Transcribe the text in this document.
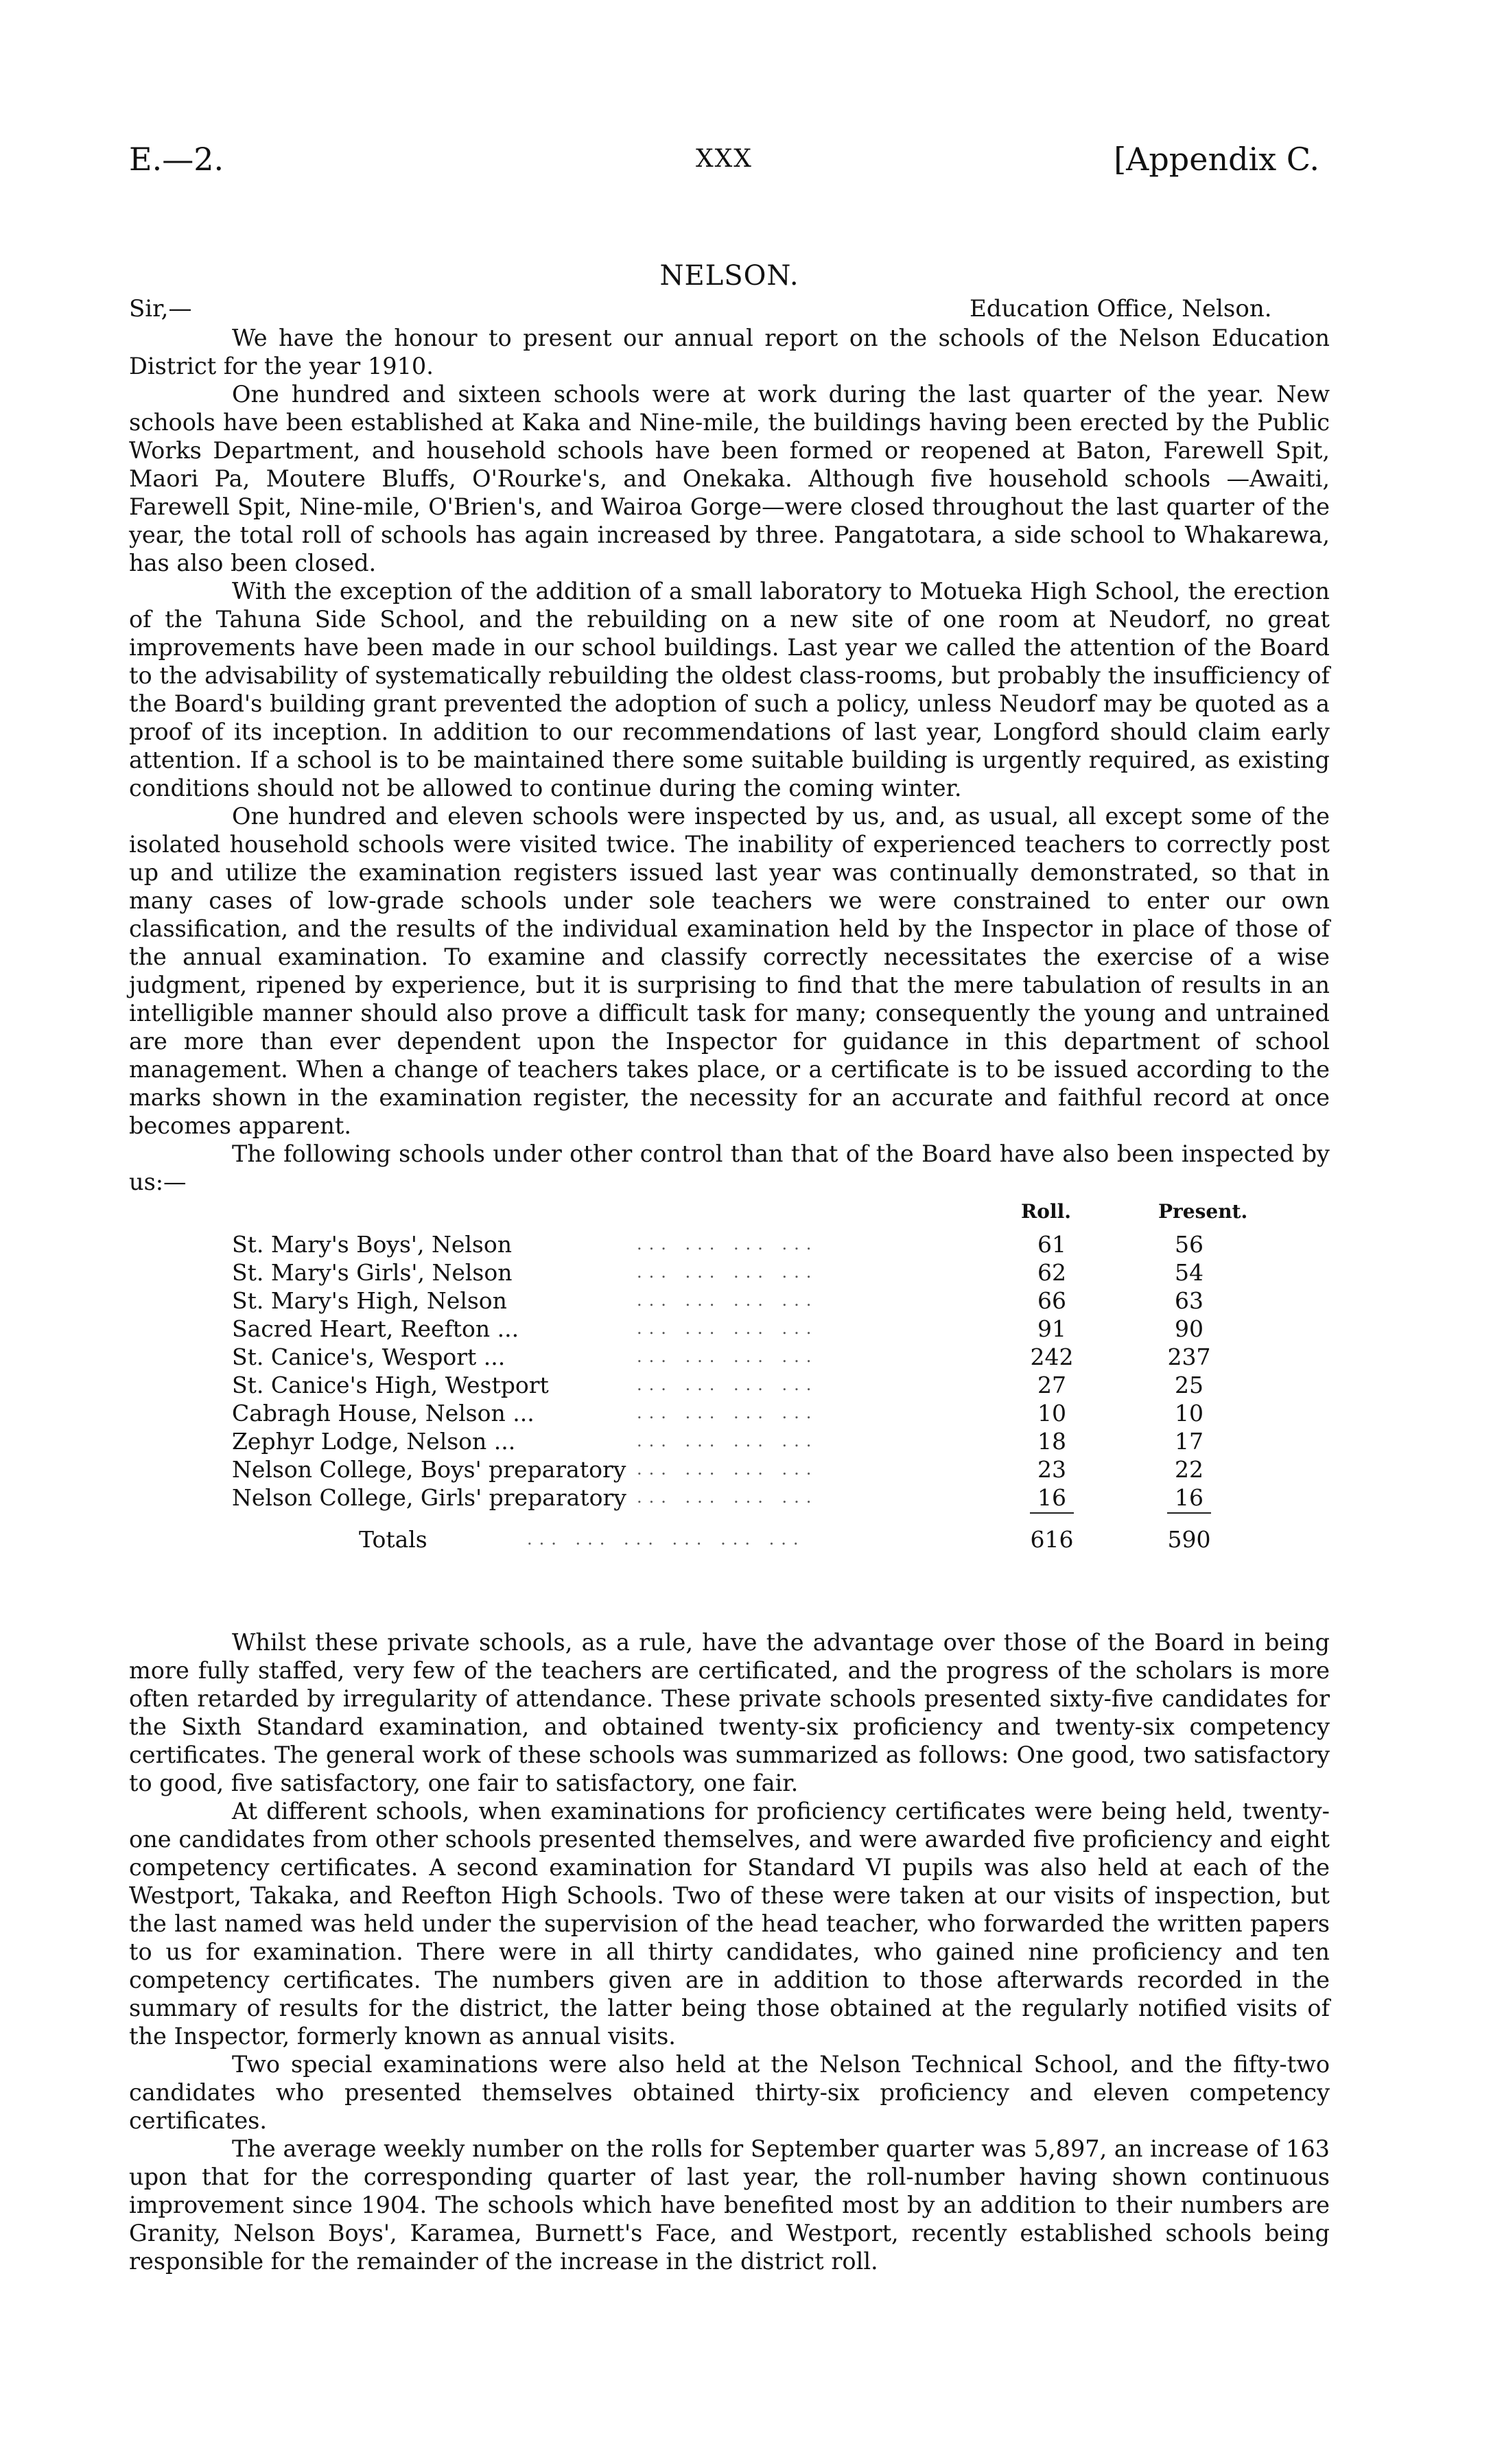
E.—2.	XXX	[Appendix C.
NELSON.
Sir,—	Education Office, Nelson.

We have the honour to present our annual report on the schools of the Nelson Education District for the year 1910.

One hundred and sixteen schools were at work during the last quarter of the year. New schools have been established at Kaka and Nine-mile, the buildings having been erected by the Public Works Department, and household schools have been formed or reopened at Baton, Farewell Spit, Maori Pa, Moutere Bluffs, O'Rourke's, and Onekaka. Although five household schools —Awaiti, Farewell Spit, Nine-mile, O'Brien's, and Wairoa Gorge—were closed throughout the last quarter of the year, the total roll of schools has again increased by three. Pangatotara, a side school to Whakarewa, has also been closed.

With the exception of the addition of a small laboratory to Motueka High School, the erection of the Tahuna Side School, and the rebuilding on a new site of one room at Neudorf, no great improvements have been made in our school buildings. Last year we called the attention of the Board to the advisability of systematically rebuilding the oldest class-rooms, but probably the insufficiency of the Board's building grant prevented the adoption of such a policy, unless Neudorf may be quoted as a proof of its inception. In addition to our recommendations of last year, Longford should claim early attention. If a school is to be maintained there some suitable building is urgently required, as existing conditions should not be allowed to continue during the coming winter.

One hundred and eleven schools were inspected by us, and, as usual, all except some of the isolated household schools were visited twice. The inability of experienced teachers to correctly post up and utilize the examination registers issued last year was continually demonstrated, so that in many cases of low-grade schools under sole teachers we were constrained to enter our own classification, and the results of the individual examination held by the Inspector in place of those of the annual examination. To examine and classify correctly necessitates the exercise of a wise judgment, ripened by experience, but it is surprising to find that the mere tabulation of results in an intelligible manner should also prove a difficult task for many; consequently the young and untrained are more than ever dependent upon the Inspector for guidance in this department of school management. When a change of teachers takes place, or a certificate is to be issued according to the marks shown in the examination register, the necessity for an accurate and faithful record at once becomes apparent.

The following schools under other control than that of the Board have also been inspected by us:—

Roll.	Present.
St. Mary's Boys', Nelson	... ... ... ...	61	56
St. Mary's Girls', Nelson	... ... ... ...	62	54
St. Mary's High, Nelson	... ... ... ...	66	63
Sacred Heart, Reefton ...	... ... ... ...	91	90
St. Canice's, Wesport ...	... ... ... ...	242	237
St. Canice's High, Westport	... ... ... ...	27	25
Cabragh House, Nelson ...	... ... ... ...	10	10
Zephyr Lodge, Nelson ...	... ... ... ...	18	17
Nelson College, Boys' preparatory ... ... ... ...	23	22
Nelson College, Girls' preparatory ... ... ... ...	16	16
Totals	... ... ... ... ... ...	616	590

Whilst these private schools, as a rule, have the advantage over those of the Board in being more fully staffed, very few of the teachers are certificated, and the progress of the scholars is more often retarded by irregularity of attendance. These private schools presented sixty-five candidates for the Sixth Standard examination, and obtained twenty-six proficiency and twenty-six competency certificates. The general work of these schools was summarized as follows: One good, two satisfactory to good, five satisfactory, one fair to satisfactory, one fair.

At different schools, when examinations for proficiency certificates were being held, twenty-one candidates from other schools presented themselves, and were awarded five proficiency and eight competency certificates. A second examination for Standard VI pupils was also held at each of the Westport, Takaka, and Reefton High Schools. Two of these were taken at our visits of inspection, but the last named was held under the supervision of the head teacher, who forwarded the written papers to us for examination. There were in all thirty candidates, who gained nine proficiency and ten competency certificates. The numbers given are in addition to those afterwards recorded in the summary of results for the district, the latter being those obtained at the regularly notified visits of the Inspector, formerly known as annual visits.

Two special examinations were also held at the Nelson Technical School, and the fifty-two candidates who presented themselves obtained thirty-six proficiency and eleven competency certificates.

The average weekly number on the rolls for September quarter was 5,897, an increase of 163 upon that for the corresponding quarter of last year, the roll-number having shown continuous improvement since 1904. The schools which have benefited most by an addition to their numbers are Granity, Nelson Boys', Karamea, Burnett's Face, and Westport, recently established schools being responsible for the remainder of the increase in the district roll.
